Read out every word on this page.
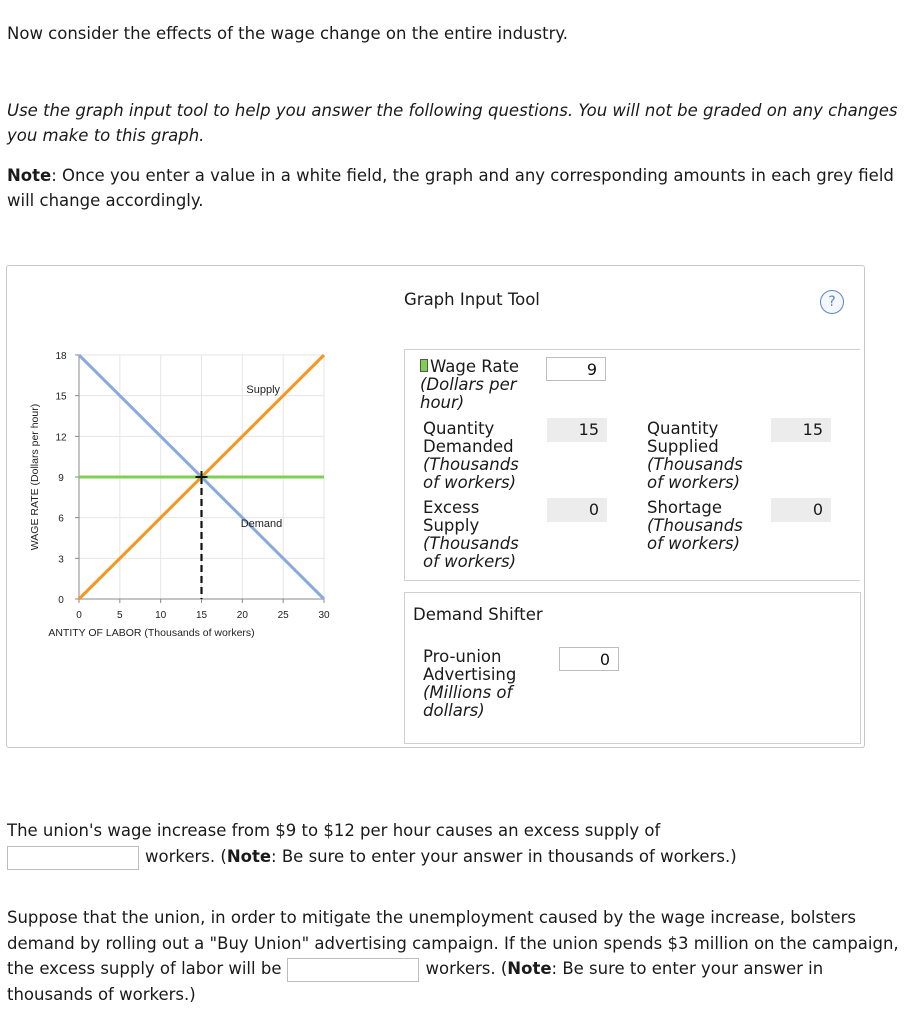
Now consider the effects of the wage change on the entire industry.

Use the graph input tool to help you answer the following questions. You will not be graded on any changes you make to this graph.

Note: Once you enter a value in a white field, the graph and any corresponding amounts in each grey field will change accordingly.

0	5	10	15	20	25	30
0
3
6
9
12
15
18
WAGE RATE (Dollars per hour)
ANTITY OF LABOR (Thousands of workers)
Supply
Demand
Graph Input Tool	?
Wage Rate
(Dollars per hour)
9
Quantity Demanded
(Thousands of workers)
15	Quantity Supplied
(Thousands of workers)
15
Excess Supply
(Thousands of workers)
0	Shortage
(Thousands of workers)
0
Demand Shifter
Pro-union Advertising
(Millions of dollars)
0
The union's wage increase from $9 to $12 per hour causes an excess supply of
workers. (Note: Be sure to enter your answer in thousands of workers.)
Suppose that the union, in order to mitigate the unemployment caused by the wage increase, bolsters demand by rolling out a "Buy Union" advertising campaign. If the union spends $3 million on the campaign, the excess supply of labor will be	workers. (Note: Be sure to enter your answer in thousands of workers.)
